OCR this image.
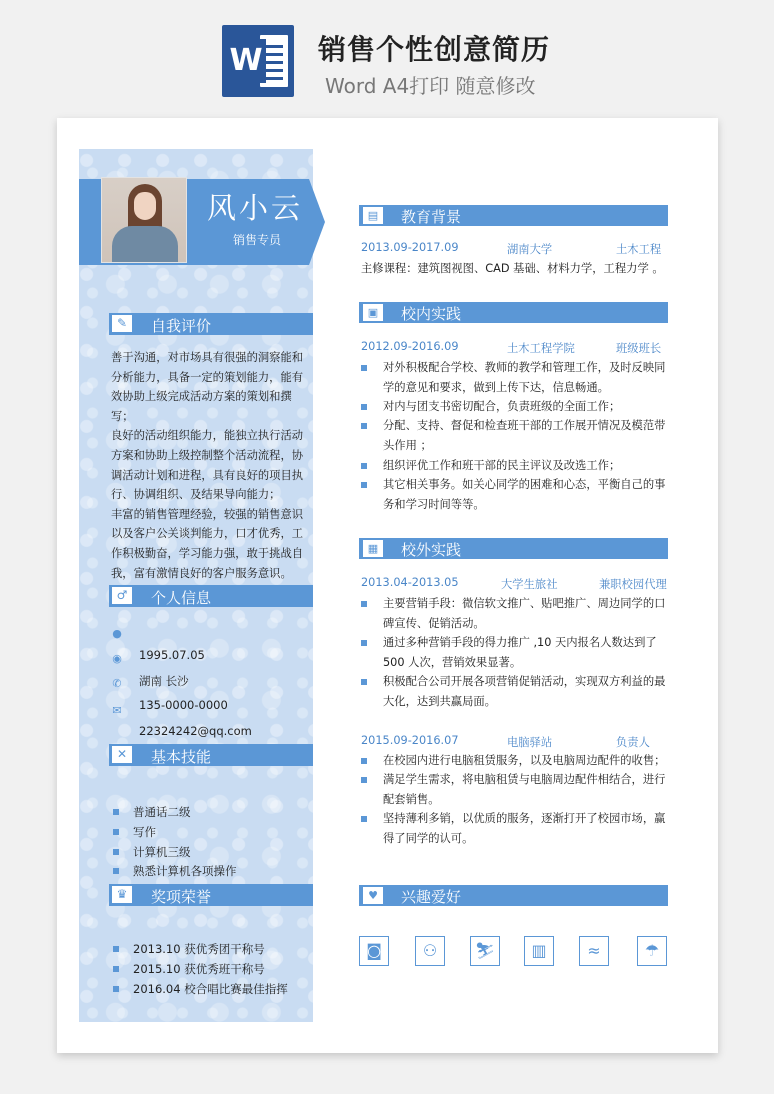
W 销售个性创意简历
Word A4打印 随意修改
风小云
销售专员
✎	自我评价

善于沟通，对市场具有很强的洞察能和分析能力，具备一定的策划能力，能有效协助上级完成活动方案的策划和撰写；

良好的活动组织能力，能独立执行活动方案和协助上级控制整个活动流程，协调活动计划和进程，具有良好的项目执行、协调组织、及结果导向能力；

丰富的销售管理经验，较强的销售意识以及客户公关谈判能力，口才优秀，工作积极勤奋，学习能力强，敢于挑战自我，富有激情良好的客户服务意识。

♂	个人信息
●
◉ 1995.07.05
✆ 湖南 长沙
✉ 135-0000-0000
22324242@qq.com
✕	基本技能
普通话二级
写作
计算机三级
熟悉计算机各项操作
♛	奖项荣誉
2013.10 获优秀团干称号
2015.10 获优秀班干称号
2016.04 校合唱比赛最佳指挥
▤	教育背景
2013.09-2017.09	湖南大学	土木工程
主修课程：建筑图视图、CAD 基础、材料力学，工程力学 。
▣	校内实践
2012.09-2016.09	土木工程学院	班级班长
对外积极配合学校、教师的教学和管理工作，及时反映同学的意见和要求，做到上传下达，信息畅通。
对内与团支书密切配合，负责班级的全面工作；
分配、支持、督促和检查班干部的工作展开情况及模范带头作用 ；
组织评优工作和班干部的民主评议及改选工作；
其它相关事务。如关心同学的困难和心态，平衡自己的事务和学习时间等等。
▦	校外实践
2013.04-2013.05	大学生旅社	兼职校园代理
主要营销手段：微信软文推广、贴吧推广、周边同学的口碑宣传、促销活动。
通过多种营销手段的得力推广 ,10 天内报名人数达到了 500 人次，营销效果显著。
积极配合公司开展各项营销促销活动，实现双方利益的最大化，达到共赢局面。
2015.09-2016.07	电脑驿站	负责人
在校园内进行电脑租赁服务，以及电脑周边配件的收售；
满足学生需求，将电脑租赁与电脑周边配件相结合，进行配套销售。
坚持薄利多销，以优质的服务，逐渐打开了校园市场，赢得了同学的认可。
♥	兴趣爱好
◙	⚇	⛷	▥	≈	☂
